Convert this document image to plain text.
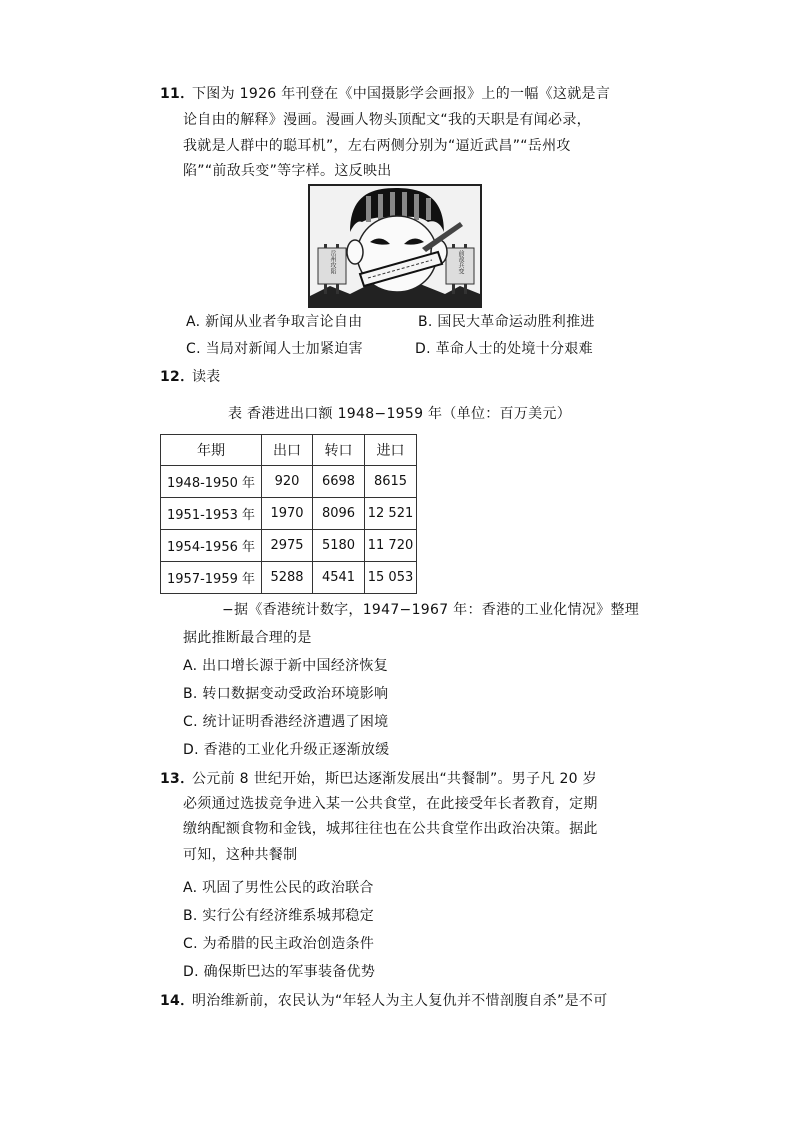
11．
下图为 1926 年刊登在《中国摄影学会画报》上的一幅《这就是言
论自由的解释》漫画。漫画人物头顶配文“我的天职是有闻必录，
我就是人群中的聪耳机”，左右两侧分别为“逼近武昌”“岳州攻
陷”“前敌兵变”等字样。这反映出
岳州攻陷	前敌兵变
A. 新闻从业者争取言论自由	B. 国民大革命运动胜利推进
C. 当局对新闻人士加紧迫害	D. 革命人士的处境十分艰难
12．
读表
表 香港进出口额 1948−1959 年（单位：百万美元）
年期	出口	转口	进口
1948-1950 年	920	6698	8615
1951-1953 年	1970	8096	12 521
1954-1956 年	2975	5180	11 720
1957-1959 年	5288	4541	15 053
−据《香港统计数字，1947−1967 年：香港的工业化情况》整理
据此推断最合理的是
A. 出口增长源于新中国经济恢复
B. 转口数据变动受政治环境影响
C. 统计证明香港经济遭遇了困境
D. 香港的工业化升级正逐渐放缓
13．
公元前 8 世纪开始，斯巴达逐渐发展出“共餐制”。男子凡 20 岁
必须通过选拔竞争进入某一公共食堂，在此接受年长者教育，定期
缴纳配额食物和金钱，城邦往往也在公共食堂作出政治决策。据此
可知，这种共餐制
A. 巩固了男性公民的政治联合
B. 实行公有经济维系城邦稳定
C. 为希腊的民主政治创造条件
D. 确保斯巴达的军事装备优势
14．
明治维新前，农民认为“年轻人为主人复仇并不惜剖腹自杀”是不可
